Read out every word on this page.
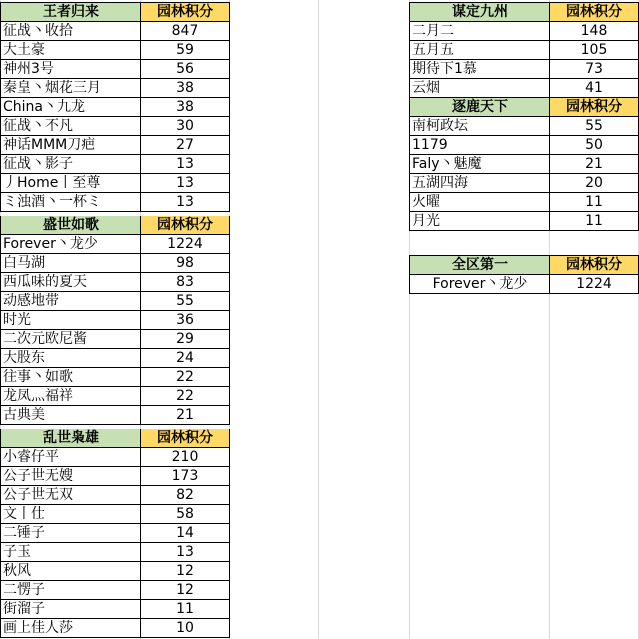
王者归来	园林积分
征战丶收拾	847
大土豪	59
神州3号	56
秦皇丶烟花三月	38
China丶九龙	38
征战丶不凡	30
神话MMM刀疤	27
征战丶影子	13
丿Home丨至尊	13
ミ浊酒丶一杯ミ	13
盛世如歌	园林积分
Forever丶龙少	1224
白马湖	98
西瓜味的夏天	83
动感地带	55
时光	36
二次元欧尼酱	29
大股东	24
往事丶如歌	22
龙凤灬福祥	22
古典美	21
乱世枭雄	园林积分
小睿仔平	210
公子世无嫂	173
公子世无双	82
文丨仕	58
二锤子	14
子玉	13
秋风	12
二愣子	12
街溜子	11
画上佳人莎	10
谋定九州	园林积分
二月二	148
五月五	105
期待下1慕	73
云烟	41
逐鹿天下	园林积分
南柯政坛	55
1179	50
Faly丶魅魔	21
五湖四海	20
火曜	11
月光	11
全区第一	园林积分
Forever丶龙少	1224
